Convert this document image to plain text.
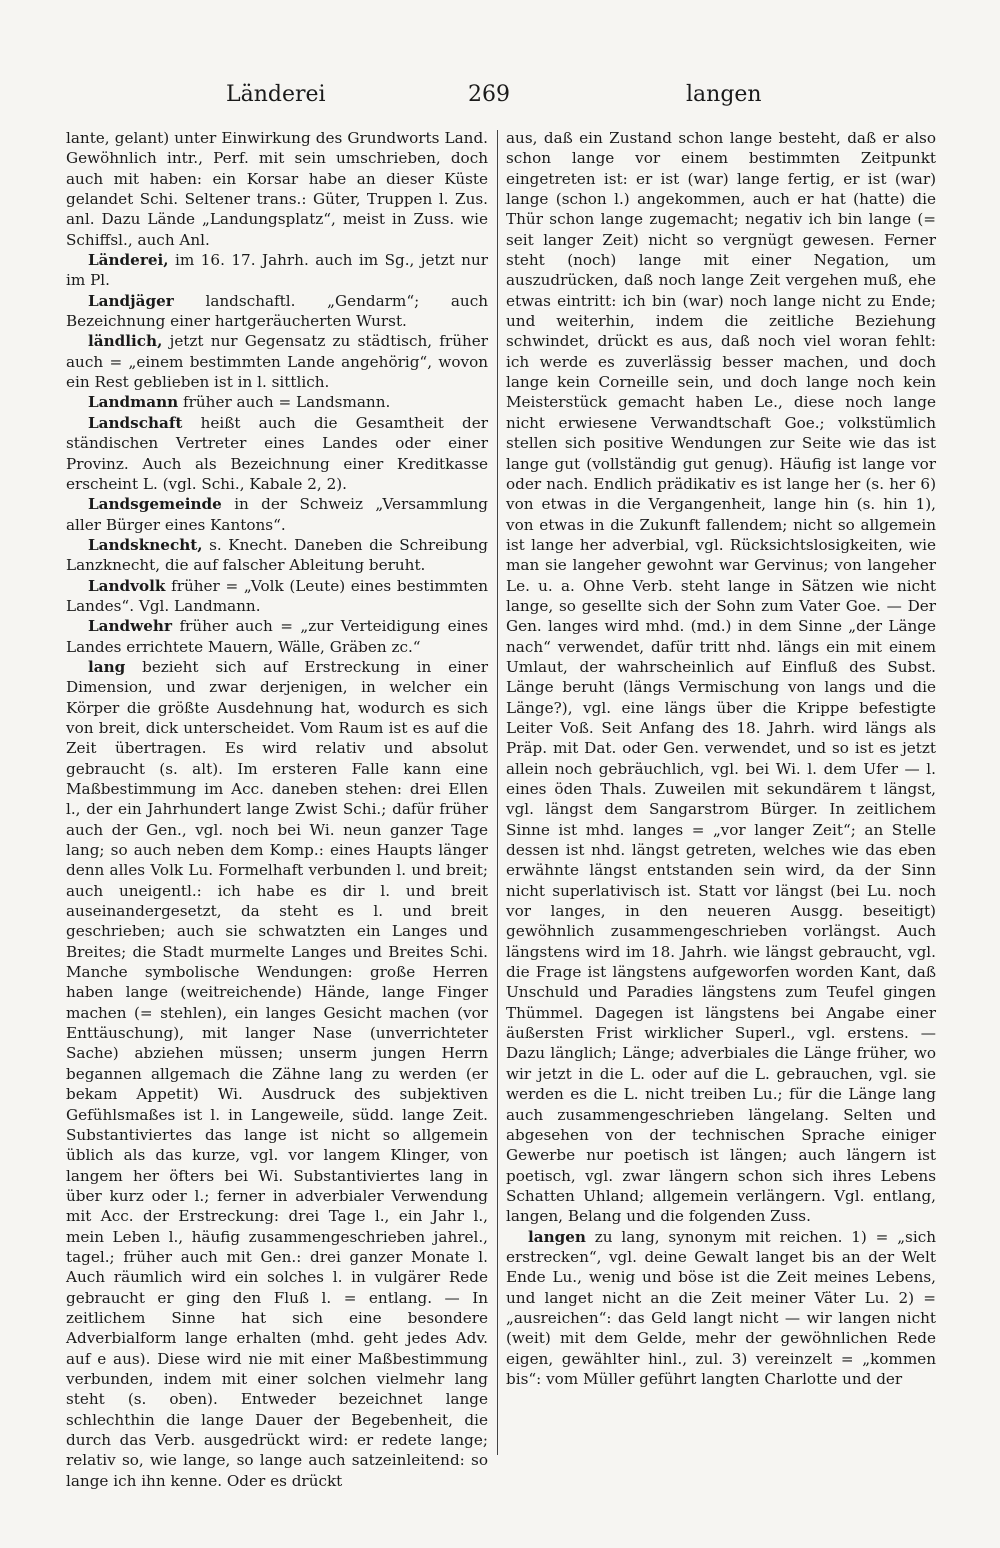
Länderei	269	langen

lante, gelant) unter Einwirkung des Grundworts Land. Gewöhnlich intr., Perf. mit sein umschrieben, doch auch mit haben: ein Korsar habe an dieser Küste gelandet Schi. Seltener trans.: Güter, Truppen l. Zus. anl. Dazu Lände „Landungsplatz“, meist in Zuss. wie Schiffsl., auch Anl.

Länderei, im 16. 17. Jahrh. auch im Sg., jetzt nur im Pl.

Landjäger landschaftl. „Gendarm“; auch Bezeichnung einer hartgeräucherten Wurst.

ländlich, jetzt nur Gegensatz zu städtisch, früher auch = „einem bestimmten Lande angehörig“, wovon ein Rest geblieben ist in l. sittlich.

Landmann früher auch = Landsmann.

Landschaft heißt auch die Gesamtheit der ständischen Vertreter eines Landes oder einer Provinz. Auch als Bezeichnung einer Kreditkasse erscheint L. (vgl. Schi., Kabale 2, 2).

Landsgemeinde in der Schweiz „Versammlung aller Bürger eines Kantons“.

Landsknecht, s. Knecht. Daneben die Schreibung Lanzknecht, die auf falscher Ableitung beruht.

Landvolk früher = „Volk (Leute) eines bestimmten Landes“. Vgl. Landmann.

Landwehr früher auch = „zur Verteidigung eines Landes errichtete Mauern, Wälle, Gräben zc.“

lang bezieht sich auf Erstreckung in einer Dimension, und zwar derjenigen, in welcher ein Körper die größte Ausdehnung hat, wodurch es sich von breit, dick unterscheidet. Vom Raum ist es auf die Zeit übertragen. Es wird relativ und absolut gebraucht (s. alt). Im ersteren Falle kann eine Maßbestimmung im Acc. daneben stehen: drei Ellen l., der ein Jahrhundert lange Zwist Schi.; dafür früher auch der Gen., vgl. noch bei Wi. neun ganzer Tage lang; so auch neben dem Komp.: eines Haupts länger denn alles Volk Lu. Formelhaft verbunden l. und breit; auch uneigentl.: ich habe es dir l. und breit auseinandergesetzt, da steht es l. und breit geschrieben; auch sie schwatzten ein Langes und Breites; die Stadt murmelte Langes und Breites Schi. Manche symbolische Wendungen: große Herren haben lange (weitreichende) Hände, lange Finger machen (= stehlen), ein langes Gesicht machen (vor Enttäuschung), mit langer Nase (unverrichteter Sache) abziehen müssen; unserm jungen Herrn begannen allgemach die Zähne lang zu werden (er bekam Appetit) Wi. Ausdruck des subjektiven Gefühlsmaßes ist l. in Langeweile, südd. lange Zeit. Substantiviertes das lange ist nicht so allgemein üblich als das kurze, vgl. vor langem Klinger, von langem her öfters bei Wi. Substantiviertes lang in über kurz oder l.; ferner in adverbialer Verwendung mit Acc. der Erstreckung: drei Tage l., ein Jahr l., mein Leben l., häufig zusammengeschrieben jahrel., tagel.; früher auch mit Gen.: drei ganzer Monate l. Auch räumlich wird ein solches l. in vulgärer Rede gebraucht er ging den Fluß l. = entlang. — In zeitlichem Sinne hat sich eine besondere Adverbialform lange erhalten (mhd. geht jedes Adv. auf e aus). Diese wird nie mit einer Maßbestimmung verbunden, indem mit einer solchen vielmehr lang steht (s. oben). Entweder bezeichnet lange schlechthin die lange Dauer der Begebenheit, die durch das Verb. ausgedrückt wird: er redete lange; relativ so, wie lange, so lange auch satzeinleitend: so lange ich ihn kenne. Oder es drückt

aus, daß ein Zustand schon lange besteht, daß er also schon lange vor einem bestimmten Zeitpunkt eingetreten ist: er ist (war) lange fertig, er ist (war) lange (schon l.) angekommen, auch er hat (hatte) die Thür schon lange zugemacht; negativ ich bin lange (= seit langer Zeit) nicht so vergnügt gewesen. Ferner steht (noch) lange mit einer Negation, um auszudrücken, daß noch lange Zeit vergehen muß, ehe etwas eintritt: ich bin (war) noch lange nicht zu Ende; und weiterhin, indem die zeitliche Beziehung schwindet, drückt es aus, daß noch viel woran fehlt: ich werde es zuverlässig besser machen, und doch lange kein Corneille sein, und doch lange noch kein Meisterstück gemacht haben Le., diese noch lange nicht erwiesene Verwandtschaft Goe.; volkstümlich stellen sich positive Wendungen zur Seite wie das ist lange gut (vollständig gut genug). Häufig ist lange vor oder nach. Endlich prädikativ es ist lange her (s. her 6) von etwas in die Vergangenheit, lange hin (s. hin 1), von etwas in die Zukunft fallendem; nicht so allgemein ist lange her adverbial, vgl. Rücksichtslosigkeiten, wie man sie langeher gewohnt war Gervinus; von langeher Le. u. a. Ohne Verb. steht lange in Sätzen wie nicht lange, so gesellte sich der Sohn zum Vater Goe. — Der Gen. langes wird mhd. (md.) in dem Sinne „der Länge nach“ verwendet, dafür tritt nhd. längs ein mit einem Umlaut, der wahrscheinlich auf Einfluß des Subst. Länge beruht (längs Vermischung von langs und die Länge?), vgl. eine längs über die Krippe befestigte Leiter Voß. Seit Anfang des 18. Jahrh. wird längs als Präp. mit Dat. oder Gen. verwendet, und so ist es jetzt allein noch gebräuchlich, vgl. bei Wi. l. dem Ufer — l. eines öden Thals. Zuweilen mit sekundärem t längst, vgl. längst dem Sangarstrom Bürger. In zeitlichem Sinne ist mhd. langes = „vor langer Zeit“; an Stelle dessen ist nhd. längst getreten, welches wie das eben erwähnte längst entstanden sein wird, da der Sinn nicht superlativisch ist. Statt vor längst (bei Lu. noch vor langes, in den neueren Ausgg. beseitigt) gewöhnlich zusammengeschrieben vorlängst. Auch längstens wird im 18. Jahrh. wie längst gebraucht, vgl. die Frage ist längstens aufgeworfen worden Kant, daß Unschuld und Paradies längstens zum Teufel gingen Thümmel. Dagegen ist längstens bei Angabe einer äußersten Frist wirklicher Superl., vgl. erstens. — Dazu länglich; Länge; adverbiales die Länge früher, wo wir jetzt in die L. oder auf die L. gebrauchen, vgl. sie werden es die L. nicht treiben Lu.; für die Länge lang auch zusammengeschrieben längelang. Selten und abgesehen von der technischen Sprache einiger Gewerbe nur poetisch ist längen; auch längern ist poetisch, vgl. zwar längern schon sich ihres Lebens Schatten Uhland; allgemein verlängern. Vgl. entlang, langen, Belang und die folgenden Zuss.

langen zu lang, synonym mit reichen. 1) = „sich erstrecken“, vgl. deine Gewalt langet bis an der Welt Ende Lu., wenig und böse ist die Zeit meines Lebens, und langet nicht an die Zeit meiner Väter Lu. 2) = „ausreichen“: das Geld langt nicht — wir langen nicht (weit) mit dem Gelde, mehr der gewöhnlichen Rede eigen, gewählter hinl., zul. 3) vereinzelt = „kommen bis“: vom Müller geführt langten Charlotte und der
